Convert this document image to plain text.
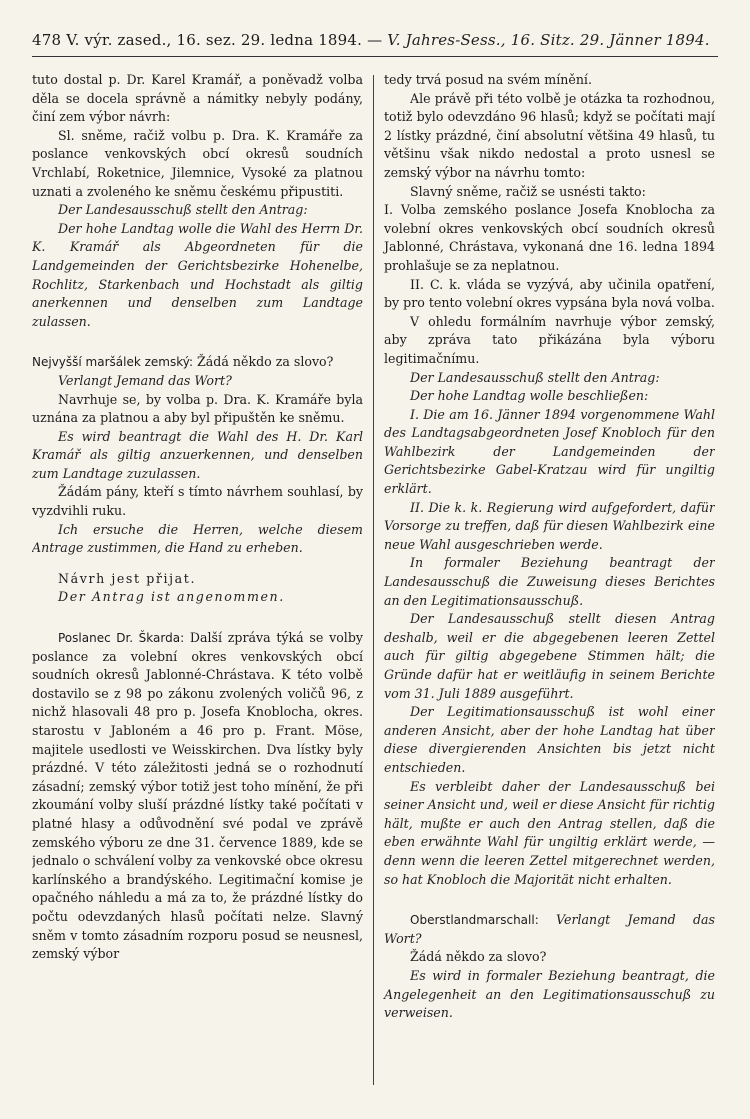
478 V. výr. zased., 16. sez. 29. ledna 1894. — V. Jahres-Sess., 16. Sitz. 29. Jänner 1894.

tuto dostal p. Dr. Karel Kramář, a poněvadž volba děla se docela správně a námitky nebyly podány, činí zem výbor návrh:

Sl. sněme, račiž volbu p. Dra. K. Kramáře za poslance venkovských obcí okresů soudních Vrchlabí, Roketnice, Jilemnice, Vysoké za platnou uznati a zvoleného ke sněmu českému připustiti.

Der Landesausschuß stellt den Antrag:

Der hohe Landtag wolle die Wahl des Herrn Dr. K. Kramář als Abgeordneten für die Landgemeinden der Gerichtsbezirke Hohenelbe, Rochlitz, Starkenbach und Hochstadt als giltig anerkennen und denselben zum Landtage zulassen.

Nejvyšší maršálek zemský: Žádá někdo za slovo?

Verlangt Jemand das Wort?

Navrhuje se, by volba p. Dra. K. Kramáře byla uznána za platnou a aby byl připuštěn ke sněmu.

Es wird beantragt die Wahl des H. Dr. Karl Kramář als giltig anzuerkennen, und denselben zum Landtage zuzulassen.

Žádám pány, kteří s tímto návrhem souhlasí, by vyzdvihli ruku.

Ich ersuche die Herren, welche diesem Antrage zustimmen, die Hand zu erheben.

Návrh jest přijat.

Der Antrag ist angenommen.

Poslanec Dr. Škarda: Další zpráva týká se volby poslance za volební okres venkovských obcí soudních okresů Jablonné-Chrástava. K této volbě dostavilo se z 98 po zákonu zvolených voličů 96, z nichž hlasovali 48 pro p. Josefa Knoblocha, okres. starostu v Jabloném a 46 pro p. Frant. Möse, majitele usedlosti ve Weisskirchen. Dva lístky byly prázdné. V této záležitosti jedná se o rozhodnutí zásadní; zemský výbor totiž jest toho mínění, že při zkoumání volby sluší prázdné lístky také počítati v platné hlasy a odůvodnění své podal ve zprávě zemského výboru ze dne 31. července 1889, kde se jednalo o schválení volby za venkovské obce okresu karlínského a brandýského. Legitimační komise je opačného náhledu a má za to, že prázdné lístky do počtu odevzdaných hlasů počítati nelze. Slavný sněm v tomto zásadním rozporu posud se neusnesl, zemský výbor

tedy trvá posud na svém mínění.

Ale právě při této volbě je otázka ta rozhodnou, totiž bylo odevzdáno 96 hlasů; když se počítati mají 2 lístky prázdné, činí absolutní většina 49 hlasů, tu většinu však nikdo nedostal a proto usnesl se zemský výbor na návrhu tomto:

Slavný sněme, račiž se usnésti takto:

I. Volba zemského poslance Josefa Knoblocha za volební okres venkovských obcí soudních okresů Jablonné, Chrástava, vykonaná dne 16. ledna 1894 prohlašuje se za neplatnou.

II. C. k. vláda se vyzývá, aby učinila opatření, by pro tento volební okres vypsána byla nová volba.

V ohledu formálním navrhuje výbor zemský, aby zpráva tato přikázána byla výboru legitimačnímu.

Der Landesausschuß stellt den Antrag:

Der hohe Landtag wolle beschließen:

I. Die am 16. Jänner 1894 vorgenommene Wahl des Landtagsabgeordneten Josef Knobloch für den Wahlbezirk der Landgemeinden der Gerichtsbezirke Gabel-Kratzau wird für ungiltig erklärt.

II. Die k. k. Regierung wird aufgefordert, dafür Vorsorge zu treffen, daß für diesen Wahlbezirk eine neue Wahl ausgeschrieben werde.

In formaler Beziehung beantragt der Landesausschuß die Zuweisung dieses Berichtes an den Legitimationsausschuß.

Der Landesausschuß stellt diesen Antrag deshalb, weil er die abgegebenen leeren Zettel auch für giltig abgegebene Stimmen hält; die Gründe dafür hat er weitläufig in seinem Berichte vom 31. Juli 1889 ausgeführt.

Der Legitimationsausschuß ist wohl einer anderen Ansicht, aber der hohe Landtag hat über diese divergierenden Ansichten bis jetzt nicht entschieden.

Es verbleibt daher der Landesausschuß bei seiner Ansicht und, weil er diese Ansicht für richtig hält, mußte er auch den Antrag stellen, daß die eben erwähnte Wahl für ungiltig erklärt werde, — denn wenn die leeren Zettel mitgerechnet werden, so hat Knobloch die Majorität nicht erhalten.

Oberstlandmarschall: Verlangt Jemand das Wort?

Žádá někdo za slovo?

Es wird in formaler Beziehung beantragt, die Angelegenheit an den Legitimationsausschuß zu verweisen.
